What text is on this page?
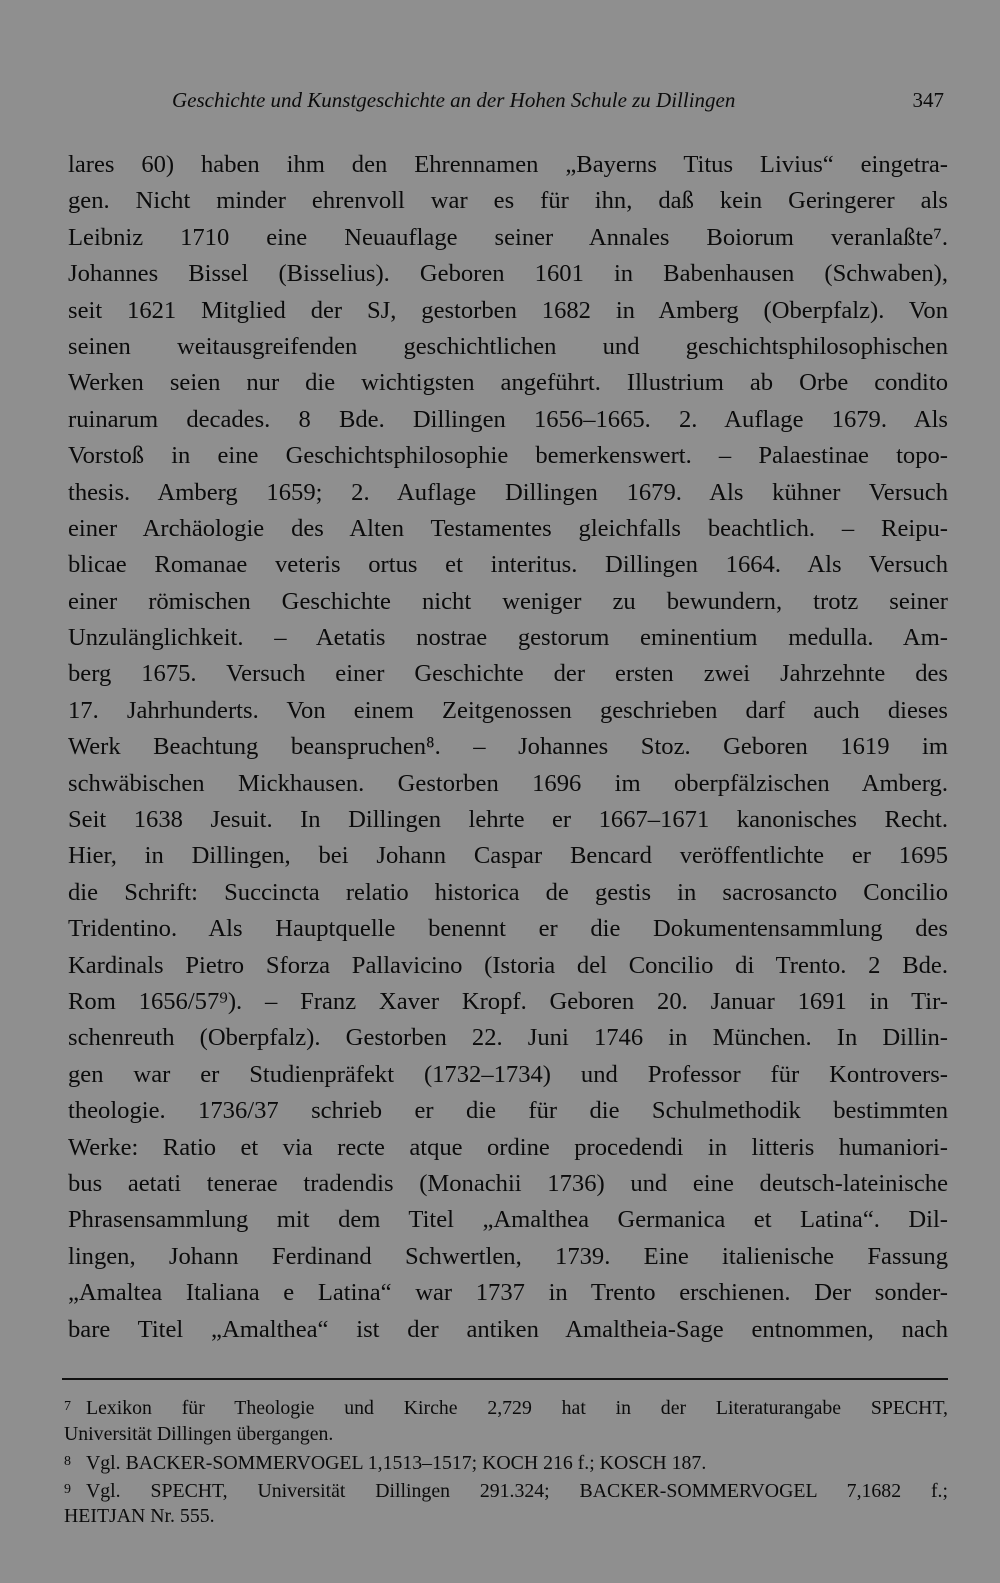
Geschichte und Kunstgeschichte an der Hohen Schule zu Dillingen	347
lares 60) haben ihm den Ehrennamen „Bayerns Titus Livius“ eingetra-
gen. Nicht minder ehrenvoll war es für ihn, daß kein Geringerer als
Leibniz 1710 eine Neuauflage seiner Annales Boiorum veranlaßte⁷.
Johannes Bissel (Bisselius). Geboren 1601 in Babenhausen (Schwaben),
seit 1621 Mitglied der SJ, gestorben 1682 in Amberg (Oberpfalz). Von
seinen weitausgreifenden geschichtlichen und geschichtsphilosophischen
Werken seien nur die wichtigsten angeführt. Illustrium ab Orbe condito
ruinarum decades. 8 Bde. Dillingen 1656–1665. 2. Auflage 1679. Als
Vorstoß in eine Geschichtsphilosophie bemerkenswert. – Palaestinae topo-
thesis. Amberg 1659; 2. Auflage Dillingen 1679. Als kühner Versuch
einer Archäologie des Alten Testamentes gleichfalls beachtlich. – Reipu-
blicae Romanae veteris ortus et interitus. Dillingen 1664. Als Versuch
einer römischen Geschichte nicht weniger zu bewundern, trotz seiner
Unzulänglichkeit. – Aetatis nostrae gestorum eminentium medulla. Am-
berg 1675. Versuch einer Geschichte der ersten zwei Jahrzehnte des
17. Jahrhunderts. Von einem Zeitgenossen geschrieben darf auch dieses
Werk Beachtung beanspruchen⁸. – Johannes Stoz. Geboren 1619 im
schwäbischen Mickhausen. Gestorben 1696 im oberpfälzischen Amberg.
Seit 1638 Jesuit. In Dillingen lehrte er 1667–1671 kanonisches Recht.
Hier, in Dillingen, bei Johann Caspar Bencard veröffentlichte er 1695
die Schrift: Succincta relatio historica de gestis in sacrosancto Concilio
Tridentino. Als Hauptquelle benennt er die Dokumentensammlung des
Kardinals Pietro Sforza Pallavicino (Istoria del Concilio di Trento. 2 Bde.
Rom 1656/57⁹). – Franz Xaver Kropf. Geboren 20. Januar 1691 in Tir-
schenreuth (Oberpfalz). Gestorben 22. Juni 1746 in München. In Dillin-
gen war er Studienpräfekt (1732–1734) und Professor für Kontrovers-
theologie. 1736/37 schrieb er die für die Schulmethodik bestimmten
Werke: Ratio et via recte atque ordine procedendi in litteris humaniori-
bus aetati tenerae tradendis (Monachii 1736) und eine deutsch-lateinische
Phrasensammlung mit dem Titel „Amalthea Germanica et Latina“. Dil-
lingen, Johann Ferdinand Schwertlen, 1739. Eine italienische Fassung
„Amaltea Italiana e Latina“ war 1737 in Trento erschienen. Der sonder-
bare Titel „Amalthea“ ist der antiken Amaltheia-Sage entnommen, nach
7 Lexikon für Theologie und Kirche 2,729 hat in der Literaturangabe SPECHT,
Universität Dillingen übergangen.
8 Vgl. BACKER-SOMMERVOGEL 1,1513–1517; KOCH 216 f.; KOSCH 187.
9 Vgl. SPECHT, Universität Dillingen 291.324; BACKER-SOMMERVOGEL 7,1682 f.;
HEITJAN Nr. 555.
